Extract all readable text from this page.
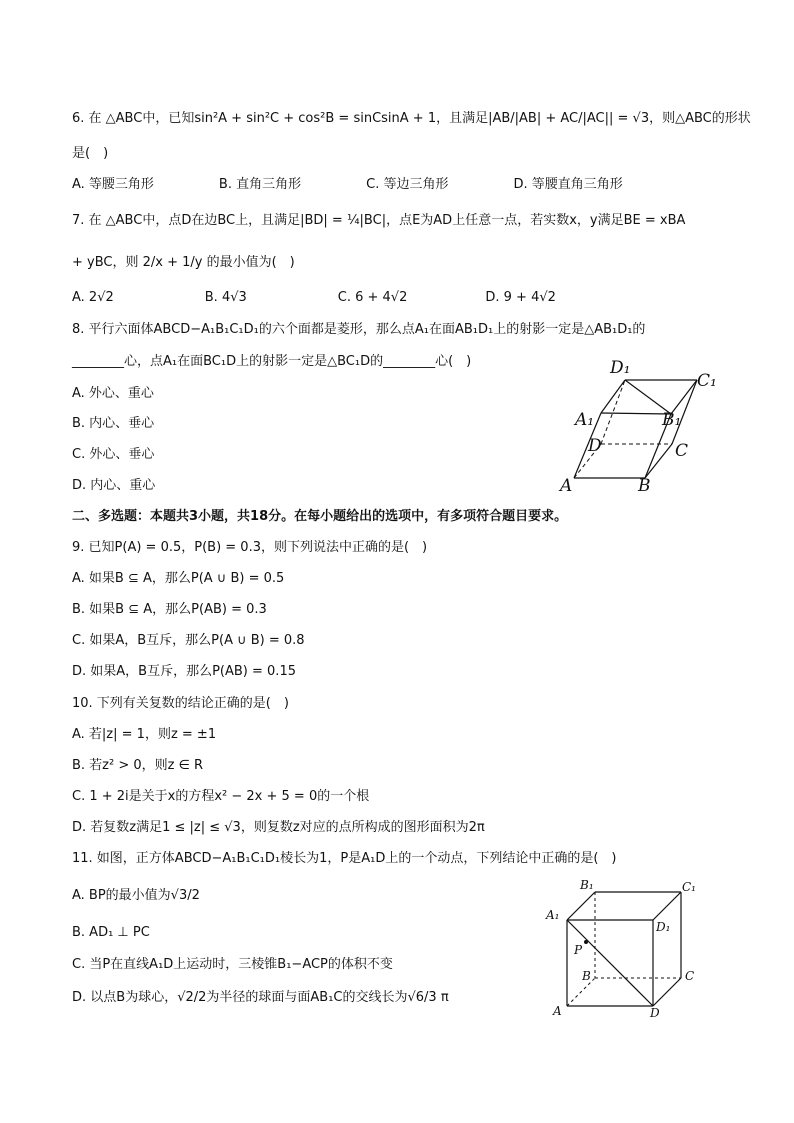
6. 在 △ABC中，已知sin²A + sin²C + cos²B = sinCsinA + 1，且满足|AB/|AB| + AC/|AC|| = √3，则△ABC的形状
是(　)
A. 等腰三角形　　　　　B. 直角三角形　　　　　C. 等边三角形　　　　　D. 等腰直角三角形
7. 在 △ABC中，点D在边BC上，且满足|BD| = ¼|BC|，点E为AD上任意一点，若实数x，y满足BE = xBA
+ yBC，则 2/x + 1/y 的最小值为(　)
A. 2√2　　　　　　　B. 4√3　　　　　　　C. 6 + 4√2　　　　　　D. 9 + 4√2
8. 平行六面体ABCD−A₁B₁C₁D₁的六个面都是菱形，那么点A₁在面AB₁D₁上的射影一定是△AB₁D₁的
________心，点A₁在面BC₁D上的射影一定是△BC₁D的________心(　)
A. 外心、重心
B. 内心、垂心
C. 外心、垂心
D. 内心、重心
二、多选题：本题共3小题，共18分。在每小题给出的选项中，有多项符合题目要求。
9. 已知P(A) = 0.5，P(B) = 0.3，则下列说法中正确的是(　)
A. 如果B ⊆ A，那么P(A ∪ B) = 0.5
B. 如果B ⊆ A，那么P(AB) = 0.3
C. 如果A，B互斥，那么P(A ∪ B) = 0.8
D. 如果A，B互斥，那么P(AB) = 0.15
10. 下列有关复数的结论正确的是(　)
A. 若|z| = 1，则z = ±1
B. 若z² > 0，则z ∈ R
C. 1 + 2i是关于x的方程x² − 2x + 5 = 0的一个根
D. 若复数z满足1 ≤ |z| ≤ √3，则复数z对应的点所构成的图形面积为2π
11. 如图，正方体ABCD−A₁B₁C₁D₁棱长为1，P是A₁D上的一个动点，下列结论中正确的是(　)
A. BP的最小值为√3/2
B. AD₁ ⊥ PC
C. 当P在直线A₁D上运动时，三棱锥B₁−ACP的体积不变
D. 以点B为球心，√2/2为半径的球面与面AB₁C的交线长为√6/3 π
D₁
C₁
A₁	B₁
D	C
A	B
B₁	C₁
A₁
D₁
P
B	C
A	D
